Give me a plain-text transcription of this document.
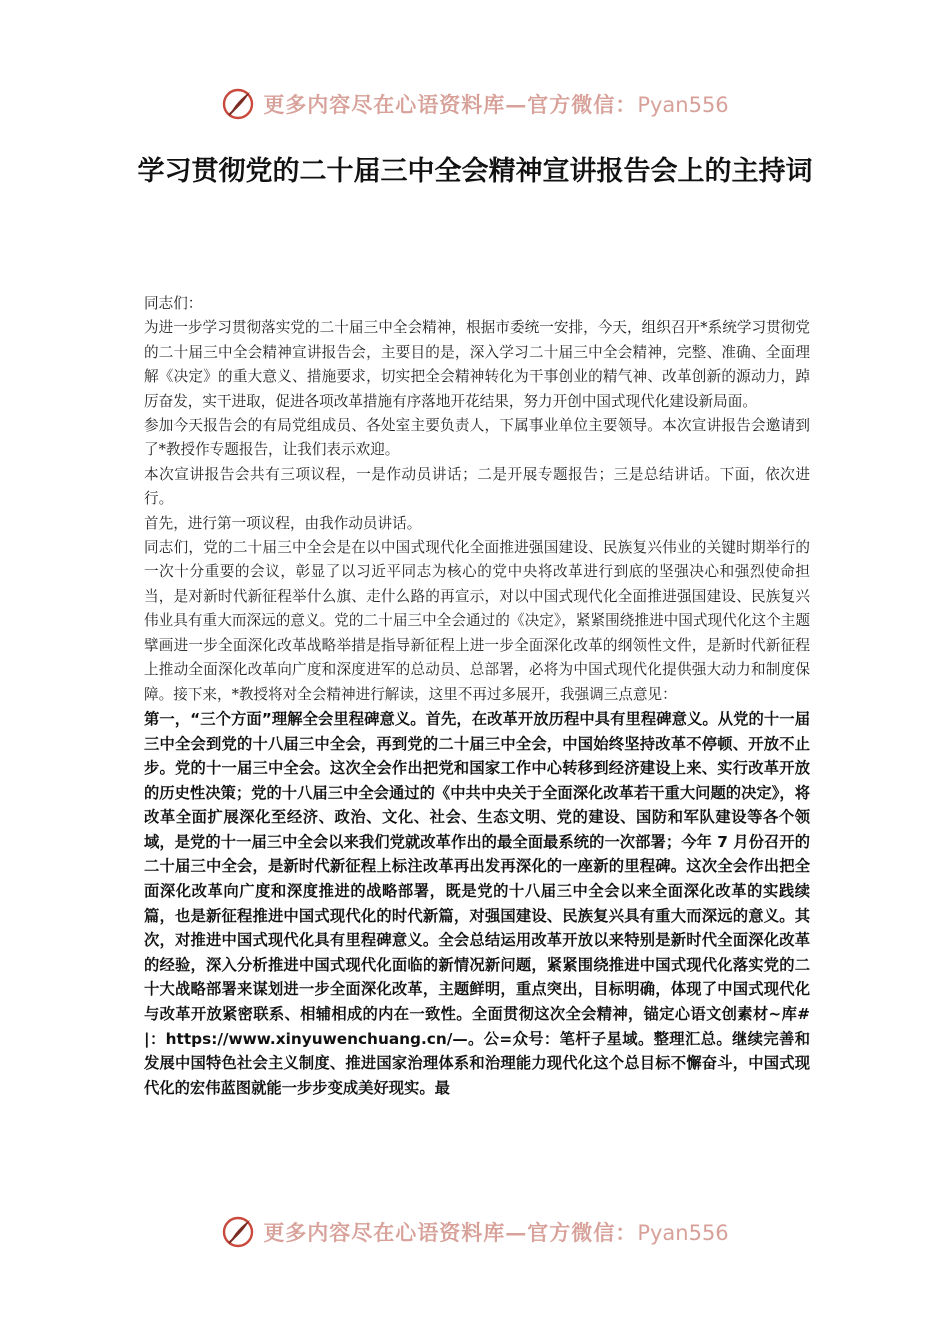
更多内容尽在心语资料库—官方微信：Pyan556
学习贯彻党的二十届三中全会精神宣讲报告会上的主持词

同志们：

为进一步学习贯彻落实党的二十届三中全会精神，根据市委统一安排，今天，组织召开*系统学习贯彻党的二十届三中全会精神宣讲报告会，主要目的是，深入学习二十届三中全会精神，完整、准确、全面理解《决定》的重大意义、措施要求，切实把全会精神转化为干事创业的精气神、改革创新的源动力，踔厉奋发，实干进取，促进各项改革措施有序落地开花结果，努力开创中国式现代化建设新局面。

参加今天报告会的有局党组成员、各处室主要负责人，下属事业单位主要领导。本次宣讲报告会邀请到了*教授作专题报告，让我们表示欢迎。

本次宣讲报告会共有三项议程，一是作动员讲话；二是开展专题报告；三是总结讲话。下面，依次进行。

首先，进行第一项议程，由我作动员讲话。

同志们，党的二十届三中全会是在以中国式现代化全面推进强国建设、民族复兴伟业的关键时期举行的一次十分重要的会议，彰显了以习近平同志为核心的党中央将改革进行到底的坚强决心和强烈使命担当，是对新时代新征程举什么旗、走什么路的再宣示，对以中国式现代化全面推进强国建设、民族复兴伟业具有重大而深远的意义。党的二十届三中全会通过的《决定》，紧紧围绕推进中国式现代化这个主题擘画进一步全面深化改革战略举措是指导新征程上进一步全面深化改革的纲领性文件，是新时代新征程上推动全面深化改革向广度和深度进军的总动员、总部署，必将为中国式现代化提供强大动力和制度保障。接下来，*教授将对全会精神进行解读，这里不再过多展开，我强调三点意见：

第一，“三个方面”理解全会里程碑意义。首先，在改革开放历程中具有里程碑意义。从党的十一届三中全会到党的十八届三中全会，再到党的二十届三中全会，中国始终坚持改革不停顿、开放不止步。党的十一届三中全会。这次全会作出把党和国家工作中心转移到经济建设上来、实行改革开放的历史性决策；党的十八届三中全会通过的《中共中央关于全面深化改革若干重大问题的决定》，将改革全面扩展深化至经济、政治、文化、社会、生态文明、党的建设、国防和军队建设等各个领域，是党的十一届三中全会以来我们党就改革作出的最全面最系统的一次部署；今年 7 月份召开的二十届三中全会，是新时代新征程上标注改革再出发再深化的一座新的里程碑。这次全会作出把全面深化改革向广度和深度推进的战略部署，既是党的十八届三中全会以来全面深化改革的实践续篇，也是新征程推进中国式现代化的时代新篇，对强国建设、民族复兴具有重大而深远的意义。其次，对推进中国式现代化具有里程碑意义。全会总结运用改革开放以来特别是新时代全面深化改革的经验，深入分析推进中国式现代化面临的新情况新问题，紧紧围绕推进中国式现代化落实党的二十大战略部署来谋划进一步全面深化改革，主题鲜明，重点突出，目标明确，体现了中国式现代化与改革开放紧密联系、相辅相成的内在一致性。全面贯彻这次全会精神，锚定心语文创素材~库#|：https://www.xinyuwenchuang.cn/—。公=众号：笔杆子星域。整理汇总。继续完善和发展中国特色社会主义制度、推进国家治理体系和治理能力现代化这个总目标不懈奋斗，中国式现代化的宏伟蓝图就能一步步变成美好现实。最

更多内容尽在心语资料库—官方微信：Pyan556
